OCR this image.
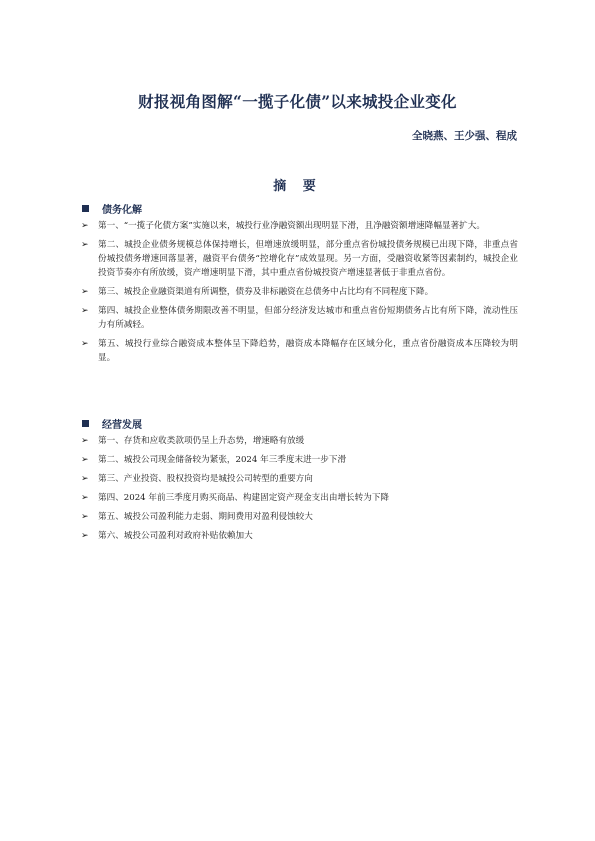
财报视角图解“一揽子化债”以来城投企业变化
全晓燕、王少强、程成
摘 要
债务化解
➢	第一、“一揽子化债方案”实施以来，城投行业净融资额出现明显下滑，且净融资额增速降幅显著扩大。
➢	第二、城投企业债务规模总体保持增长，但增速放缓明显，部分重点省份城投债务规模已出现下降，非重点省份城投债务增速回落显著，融资平台债务“控增化存”成效显现。另一方面，受融资收紧等因素制约，城投企业投资节奏亦有所放缓，资产增速明显下滑，其中重点省份城投资产增速显著低于非重点省份。
➢	第三、城投企业融资渠道有所调整，债券及非标融资在总债务中占比均有不同程度下降。
➢	第四、城投企业整体债务期限改善不明显，但部分经济发达城市和重点省份短期债务占比有所下降，流动性压力有所减轻。
➢	第五、城投行业综合融资成本整体呈下降趋势，融资成本降幅存在区域分化，重点省份融资成本压降较为明显。
经营发展
➢	第一、存货和应收类款项仍呈上升态势，增速略有放缓
➢	第二、城投公司现金储备较为紧张，2024 年三季度末进一步下滑
➢	第三、产业投资、股权投资均是城投公司转型的重要方向
➢	第四、2024 年前三季度月购买商品、构建固定资产现金支出由增长转为下降
➢	第五、城投公司盈利能力走弱、期间费用对盈利侵蚀较大
➢	第六、城投公司盈利对政府补贴依赖加大
